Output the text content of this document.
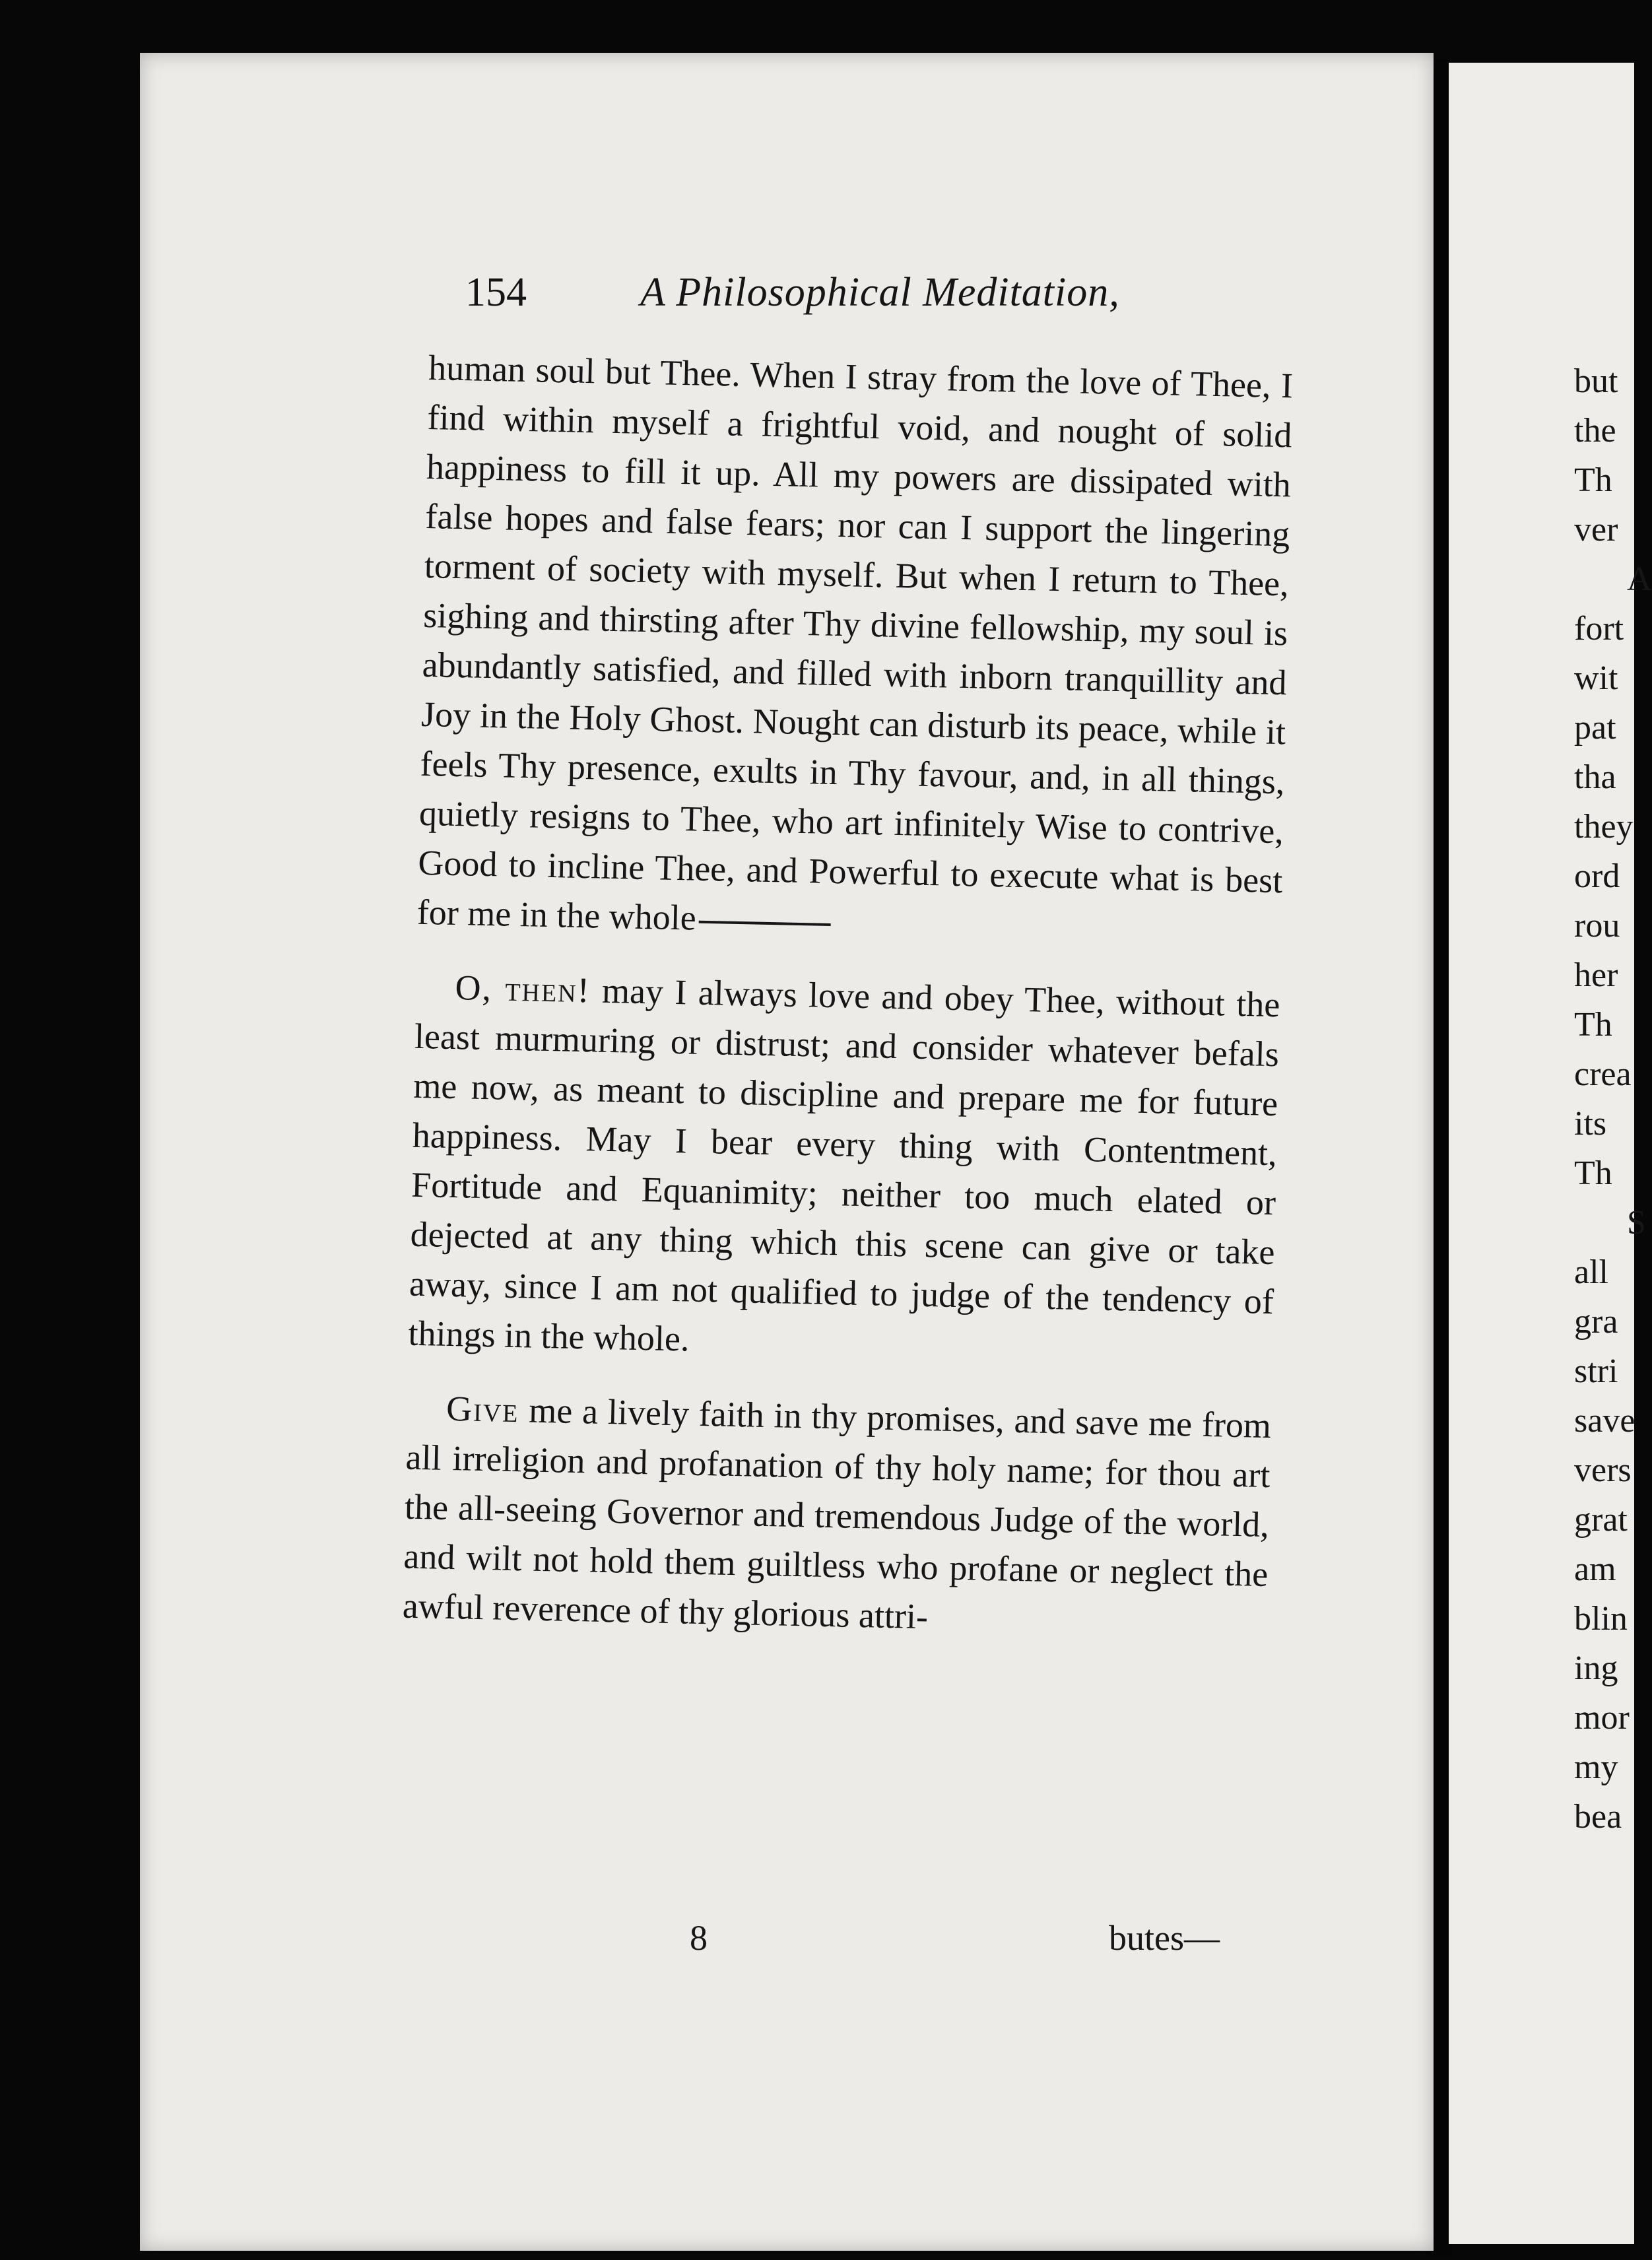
154	A Philosophical Meditation,

human soul but Thee. When I stray from the love of Thee, I find within myself a frightful void, and nought of solid happiness to fill it up. All my powers are dissipated with false hopes and false fears; nor can I support the lingering torment of society with myself. But when I return to Thee, sighing and thirsting after Thy divine fellowship, my soul is abundantly satisfied, and filled with inborn tranquillity and Joy in the Holy Ghost. Nought can disturb its peace, while it feels Thy presence, exults in Thy favour, and, in all things, quietly resigns to Thee, who art infinitely Wise to contrive, Good to incline Thee, and Powerful to execute what is best for me in the whole

O, then! may I always love and obey Thee, without the least murmuring or distrust; and consider whatever befals me now, as meant to discipline and prepare me for future happiness. May I bear every thing with Contentment, Fortitude and Equanimity; neither too much elated or dejected at any thing which this scene can give or take away, since I am not qualified to judge of the tendency of things in the whole.

Give me a lively faith in thy promises, and save me from all irreligion and profanation of thy holy name; for thou art the all-seeing Governor and tremendous Judge of the world, and wilt not hold them guiltless who profane or neglect the awful reverence of thy glorious attri-

8	butes—
but
the
Th
ver
A
fort
wit
pat
tha
they
ord
rou
her
Th
crea
its
Th
S
all
gra
stri
save
vers
grat
am
blin
ing
mor
my
bea
